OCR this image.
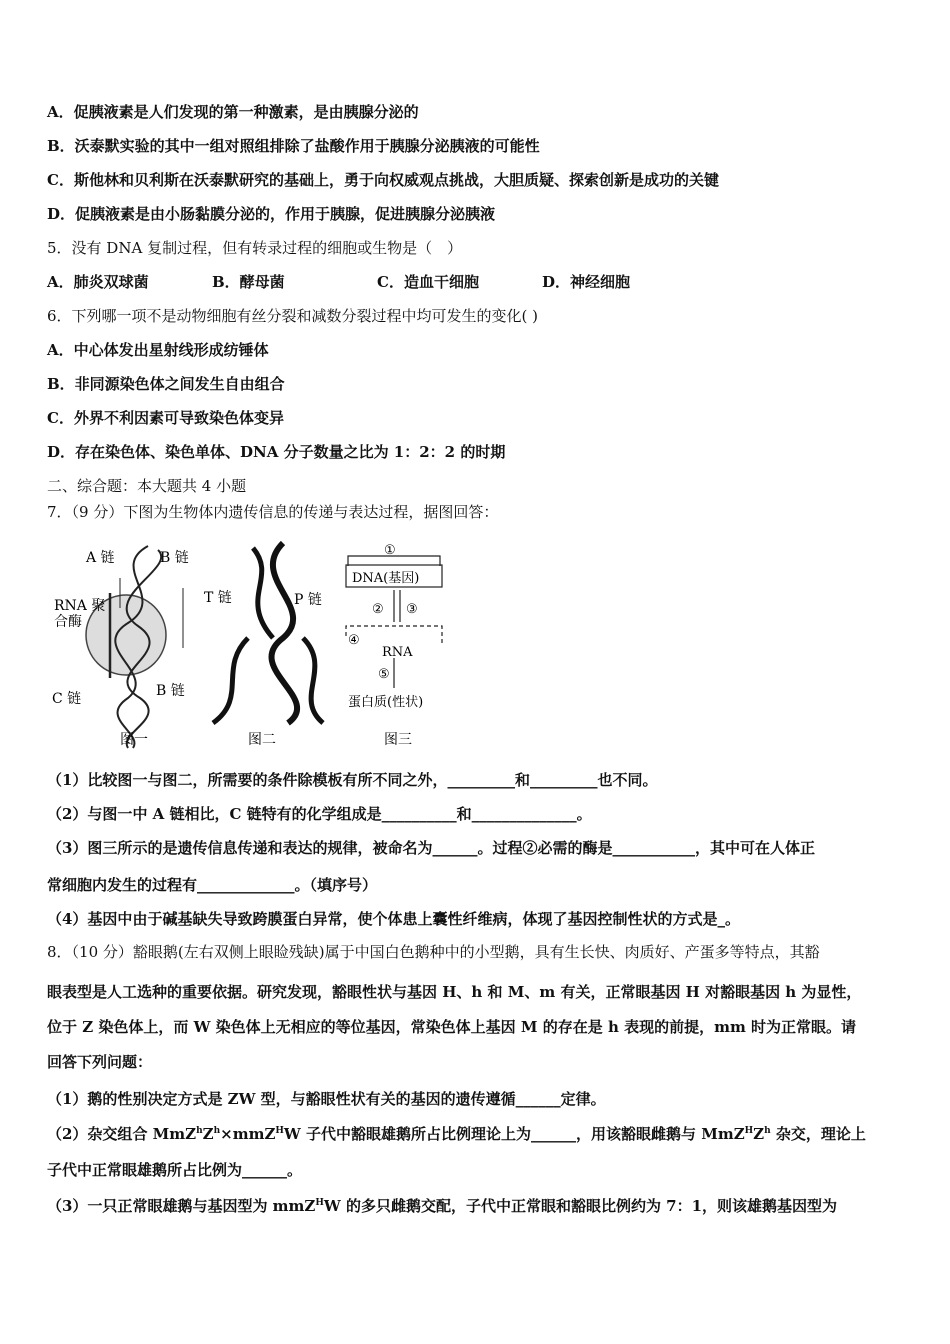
A．促胰液素是人们发现的第一种激素，是由胰腺分泌的
B．沃泰默实验的其中一组对照组排除了盐酸作用于胰腺分泌胰液的可能性
C．斯他林和贝利斯在沃泰默研究的基础上，勇于向权威观点挑战，大胆质疑、探索创新是成功的关键
D．促胰液素是由小肠黏膜分泌的，作用于胰腺，促进胰腺分泌胰液
5．没有 DNA 复制过程，但有转录过程的细胞或生物是（　）
A．肺炎双球菌	B．酵母菌	C．造血干细胞	D．神经细胞
6．下列哪一项不是动物细胞有丝分裂和减数分裂过程中均可发生的变化( )
A．中心体发出星射线形成纺锤体
B．非同源染色体之间发生自由组合
C．外界不利因素可导致染色体变异
D．存在染色体、染色单体、DNA 分子数量之比为 1：2：2 的时期
二、综合题：本大题共 4 小题
7．（9 分）下图为生物体内遗传信息的传递与表达过程，据图回答：
A 链	B 链
RNA 聚
合酶
C 链	B 链
图一
T 链	P 链
图二
①
DNA(基因)
② ③
④
RNA
⑤
蛋白质(性状)
图三
（1）比较图一与图二，所需要的条件除模板有所不同之外，_________和_________也不同。
（2）与图一中 A 链相比，C 链特有的化学组成是__________和______________。
（3）图三所示的是遗传信息传递和表达的规律，被命名为______。过程②必需的酶是___________，其中可在人体正
常细胞内发生的过程有_____________。（填序号）
（4）基因中由于碱基缺失导致跨膜蛋白异常，使个体患上囊性纤维病，体现了基因控制性状的方式是_。
8．（10 分）豁眼鹅(左右双侧上眼睑残缺)属于中国白色鹅种中的小型鹅，具有生长快、肉质好、产蛋多等特点，其豁
眼表型是人工选种的重要依据。研究发现，豁眼性状与基因 H、h 和 M、m 有关，正常眼基因 H 对豁眼基因 h 为显性，
位于 Z 染色体上，而 W 染色体上无相应的等位基因，常染色体上基因 M 的存在是 h 表现的前提，mm 时为正常眼。请
回答下列问题：
（1）鹅的性别决定方式是 ZW 型，与豁眼性状有关的基因的遗传遵循______定律。
（2）杂交组合 $MmZ^hZ^h\times mmZ^HW$ 子代中豁眼雄鹅所占比例理论上为______，用该豁眼雌鹅与 $MmZ^HZ^h$ 杂交，理论上
子代中正常眼雄鹅所占比例为______。
（3）一只正常眼雄鹅与基因型为 mmZ$^H$W 的多只雌鹅交配，子代中正常眼和豁眼比例约为 7：1，则该雄鹅基因型为
